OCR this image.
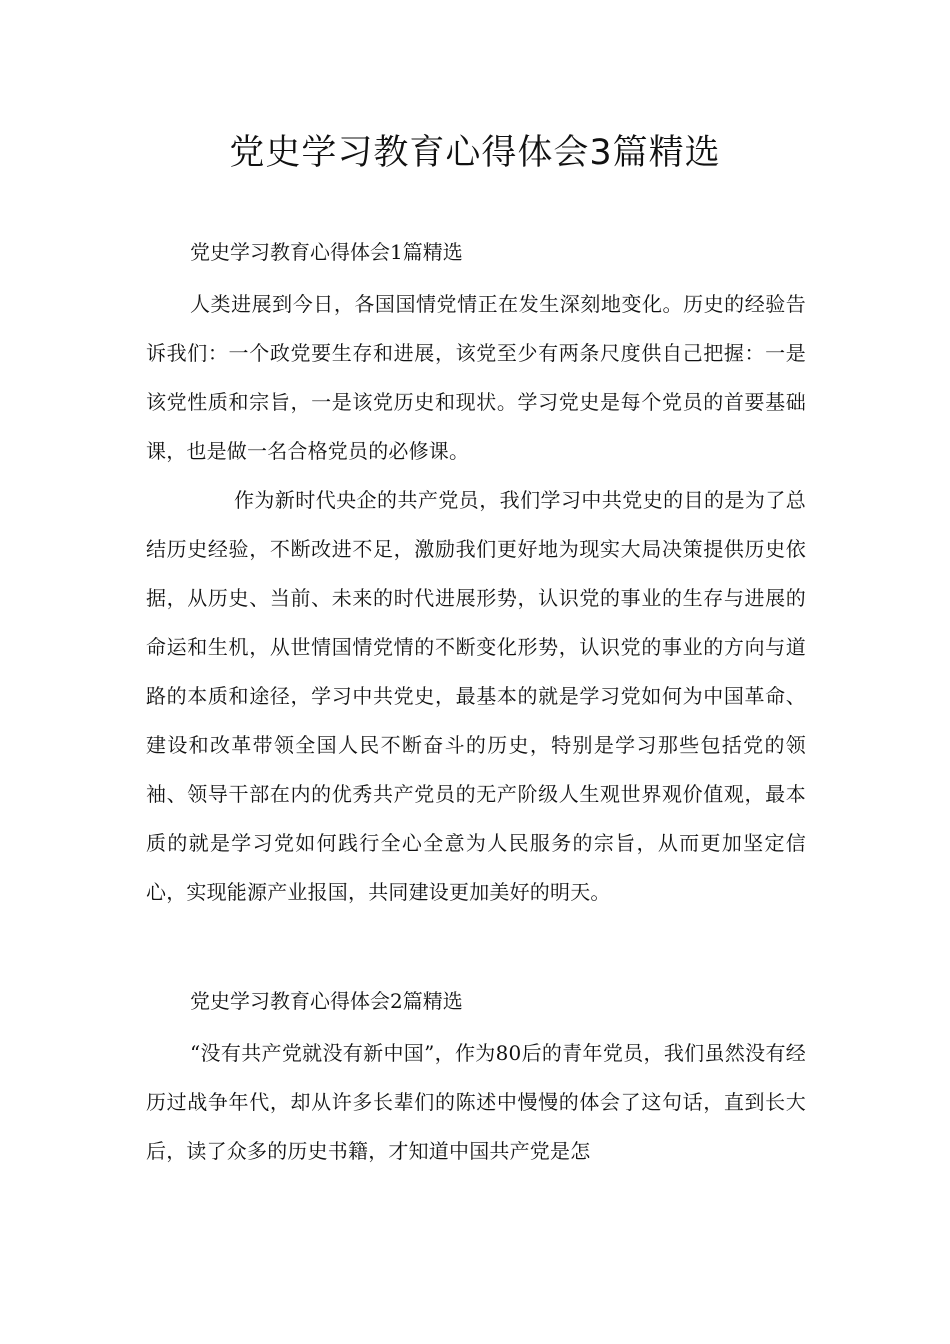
党史学习教育心得体会3篇精选
党史学习教育心得体会1篇精选

人类进展到今日，各国国情党情正在发生深刻地变化。历史的经验告诉我们：一个政党要生存和进展，该党至少有两条尺度供自己把握：一是该党性质和宗旨，一是该党历史和现状。学习党史是每个党员的首要基础课，也是做一名合格党员的必修课。

作为新时代央企的共产党员，我们学习中共党史的目的是为了总结历史经验，不断改进不足，激励我们更好地为现实大局决策提供历史依据，从历史、当前、未来的时代进展形势，认识党的事业的生存与进展的命运和生机，从世情国情党情的不断变化形势，认识党的事业的方向与道路的本质和途径，学习中共党史，最基本的就是学习党如何为中国革命、建设和改革带领全国人民不断奋斗的历史，特别是学习那些包括党的领袖、领导干部在内的优秀共产党员的无产阶级人生观世界观价值观，最本质的就是学习党如何践行全心全意为人民服务的宗旨，从而更加坚定信心，实现能源产业报国，共同建设更加美好的明天。

党史学习教育心得体会2篇精选

“没有共产党就没有新中国”，作为80后的青年党员，我们虽然没有经历过战争年代，却从许多长辈们的陈述中慢慢的体会了这句话，直到长大后，读了众多的历史书籍，才知道中国共产党是怎
